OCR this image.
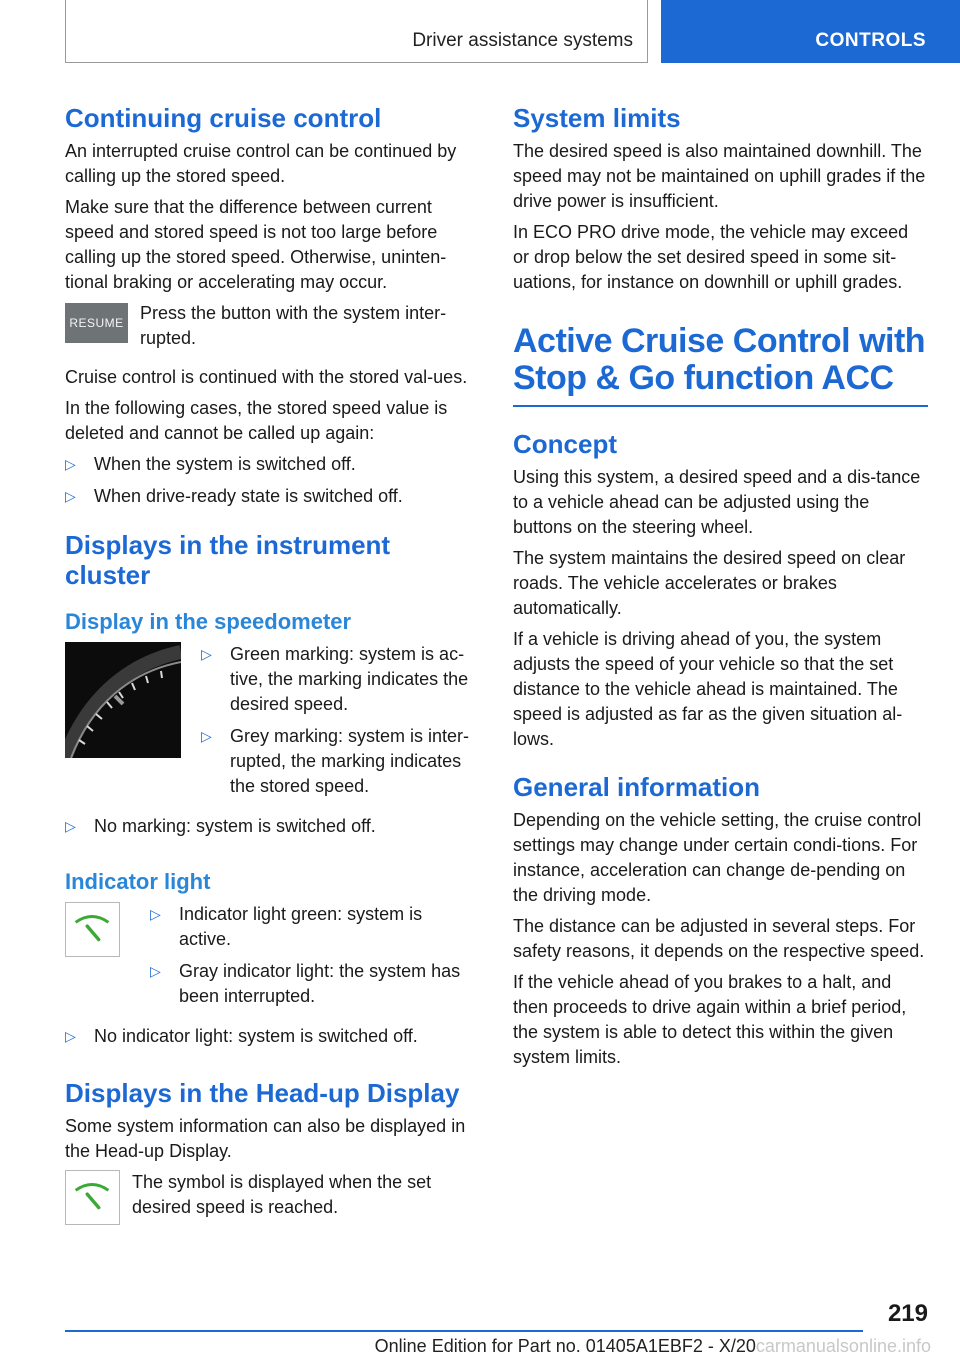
Driver assistance systems	CONTROLS
Continuing cruise control

An interrupted cruise control can be continued by calling up the stored speed.

Make sure that the difference between current speed and stored speed is not too large before calling up the stored speed. Otherwise, uninten-tional braking or accelerating may occur.

RESUME Press the button with the system inter-rupted.

Cruise control is continued with the stored val-ues.

In the following cases, the stored speed value is deleted and cannot be called up again:

▷ When the system is switched off.
▷ When drive-ready state is switched off.
Displays in the instrument cluster
Display in the speedometer
▷ Green marking: system is ac-tive, the marking indicates the desired speed.
▷ Grey marking: system is inter-rupted, the marking indicates the stored speed.
▷ No marking: system is switched off.
Indicator light
▷ Indicator light green: system is active.
▷ Gray indicator light: the system has been interrupted.
▷ No indicator light: system is switched off.
Displays in the Head-up Display

Some system information can also be displayed in the Head-up Display.

The symbol is displayed when the set desired speed is reached.

System limits

The desired speed is also maintained downhill. The speed may not be maintained on uphill grades if the drive power is insufficient.

In ECO PRO drive mode, the vehicle may exceed or drop below the set desired speed in some sit-uations, for instance on downhill or uphill grades.

Active Cruise Control with Stop & Go function ACC
Concept

Using this system, a desired speed and a dis-tance to a vehicle ahead can be adjusted using the buttons on the steering wheel.

The system maintains the desired speed on clear roads. The vehicle accelerates or brakes automatically.

If a vehicle is driving ahead of you, the system adjusts the speed of your vehicle so that the set distance to the vehicle ahead is maintained. The speed is adjusted as far as the given situation al-lows.

General information

Depending on the vehicle setting, the cruise control settings may change under certain condi-tions. For instance, acceleration can change de-pending on the driving mode.

The distance can be adjusted in several steps. For safety reasons, it depends on the respective speed.

If the vehicle ahead of you brakes to a halt, and then proceeds to drive again within a brief period, the system is able to detect this within the given system limits.

219
Online Edition for Part no. 01405A1EBF2 - X/20carmanualsonline.info
